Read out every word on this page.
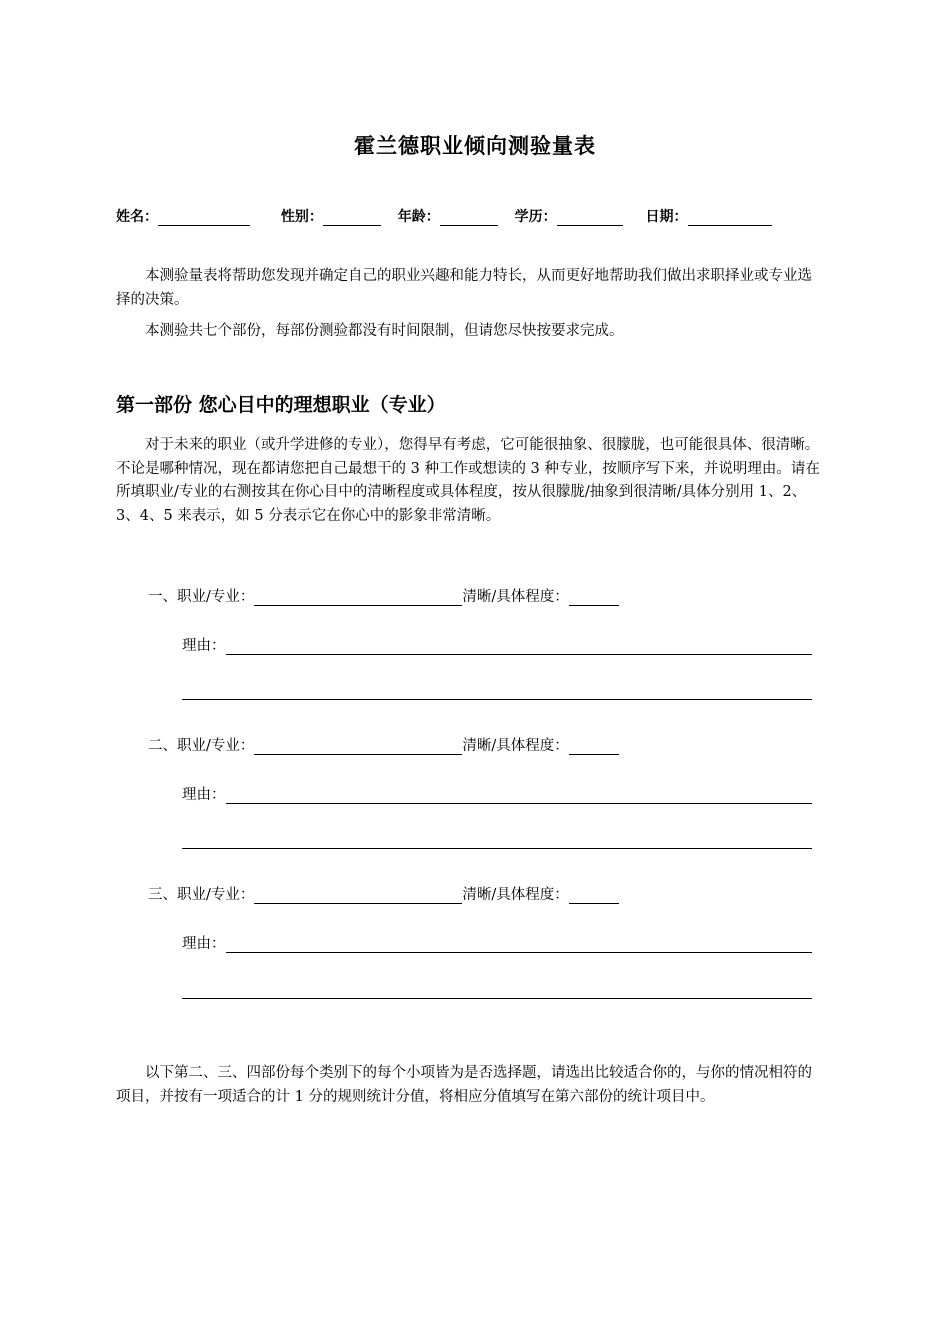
霍兰德职业倾向测验量表
姓名：	性别：	年龄：	学历：	日期：
本测验量表将帮助您发现并确定自己的职业兴趣和能力特长，从而更好地帮助我们做出求职择业或专业选择的决策。
本测验共七个部份，每部份测验都没有时间限制，但请您尽快按要求完成。
第一部份 您心目中的理想职业（专业）
对于未来的职业（或升学进修的专业），您得早有考虑，它可能很抽象、很朦胧，也可能很具体、很清晰。不论是哪种情况，现在都请您把自己最想干的 3 种工作或想读的 3 种专业，按顺序写下来，并说明理由。请在所填职业/专业的右测按其在你心目中的清晰程度或具体程度，按从很朦胧/抽象到很清晰/具体分别用 1、2、3、4、5 来表示，如 5 分表示它在你心中的影象非常清晰。
一、职业/专业：	清晰/具体程度：
理由：
二、职业/专业：	清晰/具体程度：
理由：
三、职业/专业：	清晰/具体程度：
理由：
以下第二、三、四部份每个类别下的每个小项皆为是否选择题，请选出比较适合你的，与你的情况相符的项目，并按有一项适合的计 1 分的规则统计分值，将相应分值填写在第六部份的统计项目中。
